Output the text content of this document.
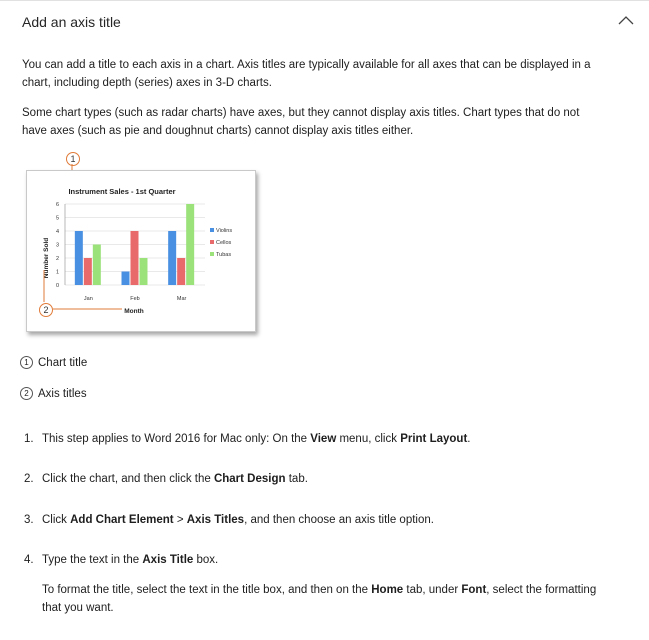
Add an axis title
You can add a title to each axis in a chart. Axis titles are typically available for all axes that can be displayed in a chart, including depth (series) axes in 3-D charts.
Some chart types (such as radar charts) have axes, but they cannot display axis titles. Chart types that do not have axes (such as pie and doughnut charts) cannot display axis titles either.
1
Instrument Sales - 1st Quarter
Number Sold
Month
0
1
2
3
4
5
6
Jan	Feb	Mar
Violins
Cellos
Tubas
2
1 Chart title
2 Axis titles
1. This step applies to Word 2016 for Mac only: On the View menu, click Print Layout.
2. Click the chart, and then click the Chart Design tab.
3. Click Add Chart Element > Axis Titles, and then choose an axis title option.
4. Type the text in the Axis Title box.
To format the title, select the text in the title box, and then on the Home tab, under Font, select the formatting that you want.
